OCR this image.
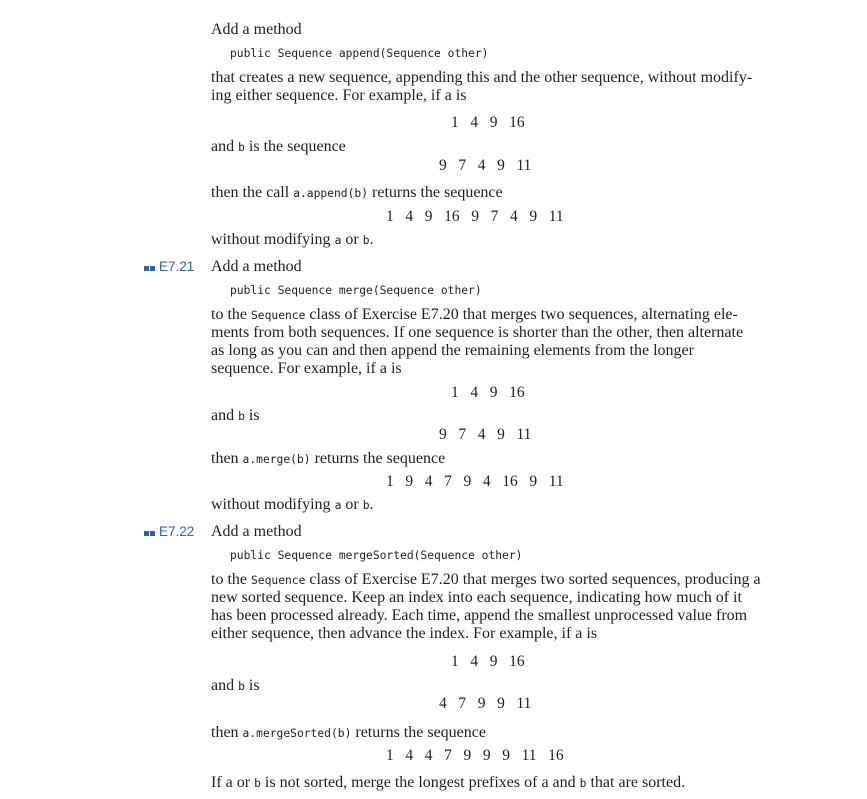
Add a method
public Sequence append(Sequence other)
that creates a new sequence, appending this and the other sequence, without modify-
ing either sequence. For example, if a is
1   4   9   16
and b is the sequence
9   7   4   9   11
then the call a.append(b) returns the sequence
1   4   9   16   9   7   4   9   11
without modifying a or b.
E7.21 Add a method
public Sequence merge(Sequence other)
to the Sequence class of Exercise E7.20 that merges two sequences, alternating ele-
ments from both sequences. If one sequence is shorter than the other, then alternate
as long as you can and then append the remaining elements from the longer
sequence. For example, if a is
1   4   9   16
and b is
9   7   4   9   11
then a.merge(b) returns the sequence
1   9   4   7   9   4   16   9   11
without modifying a or b.
E7.22 Add a method
public Sequence mergeSorted(Sequence other)
to the Sequence class of Exercise E7.20 that merges two sorted sequences, producing a
new sorted sequence. Keep an index into each sequence, indicating how much of it
has been processed already. Each time, append the smallest unprocessed value from
either sequence, then advance the index. For example, if a is
1   4   9   16
and b is
4   7   9   9   11
then a.mergeSorted(b) returns the sequence
1   4   4   7   9   9   9   11   16
If a or b is not sorted, merge the longest prefixes of a and b that are sorted.
